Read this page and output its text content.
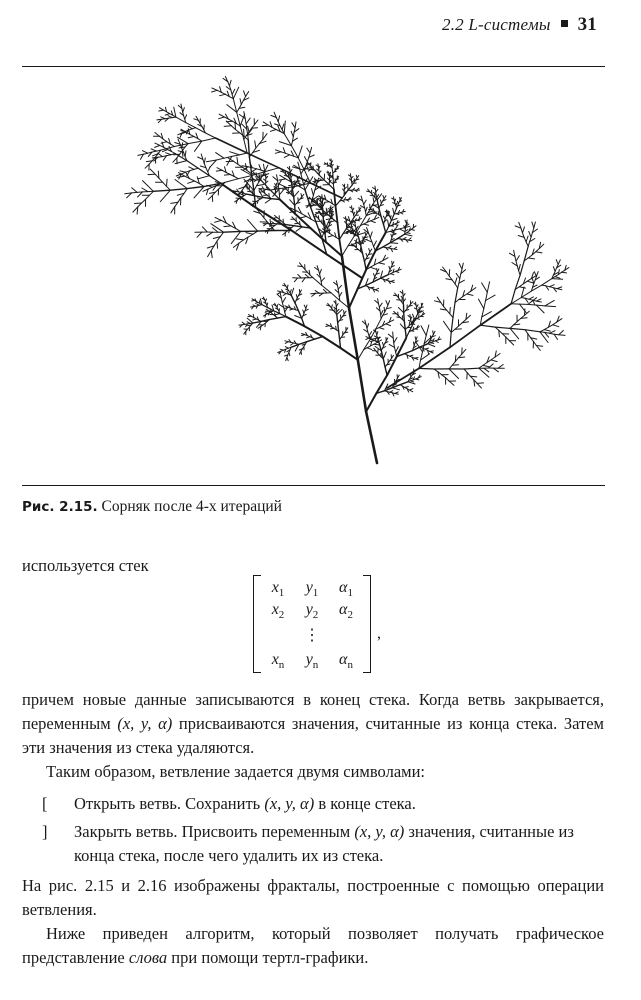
2.2 L-системы 31
Рис. 2.15. Сорняк после 4-х итераций
используется стек
$x_1$	$y_1$	$\alpha_1$
$x_2$	$y_2$	$\alpha_2$
⋮
$x_n$	$y_n$	$\alpha_n$
,
причем новые данные записываются в конец стека. Когда ветвь закрывается, переменным (x, y, α) присваиваются значения, считанные из конца стека. Затем эти значения из стека удаляются.
Таким образом, ветвление задается двумя символами:
[ Открыть ветвь. Сохранить (x, y, α) в конце стека.
] Закрыть ветвь. Присвоить переменным (x, y, α) значения, считанные из конца стека, после чего удалить их из стека.
На рис. 2.15 и 2.16 изображены фракталы, построенные с помощью операции ветвления.
Ниже приведен алгоритм, который позволяет получать графическое представление слова при помощи тертл-графики.
